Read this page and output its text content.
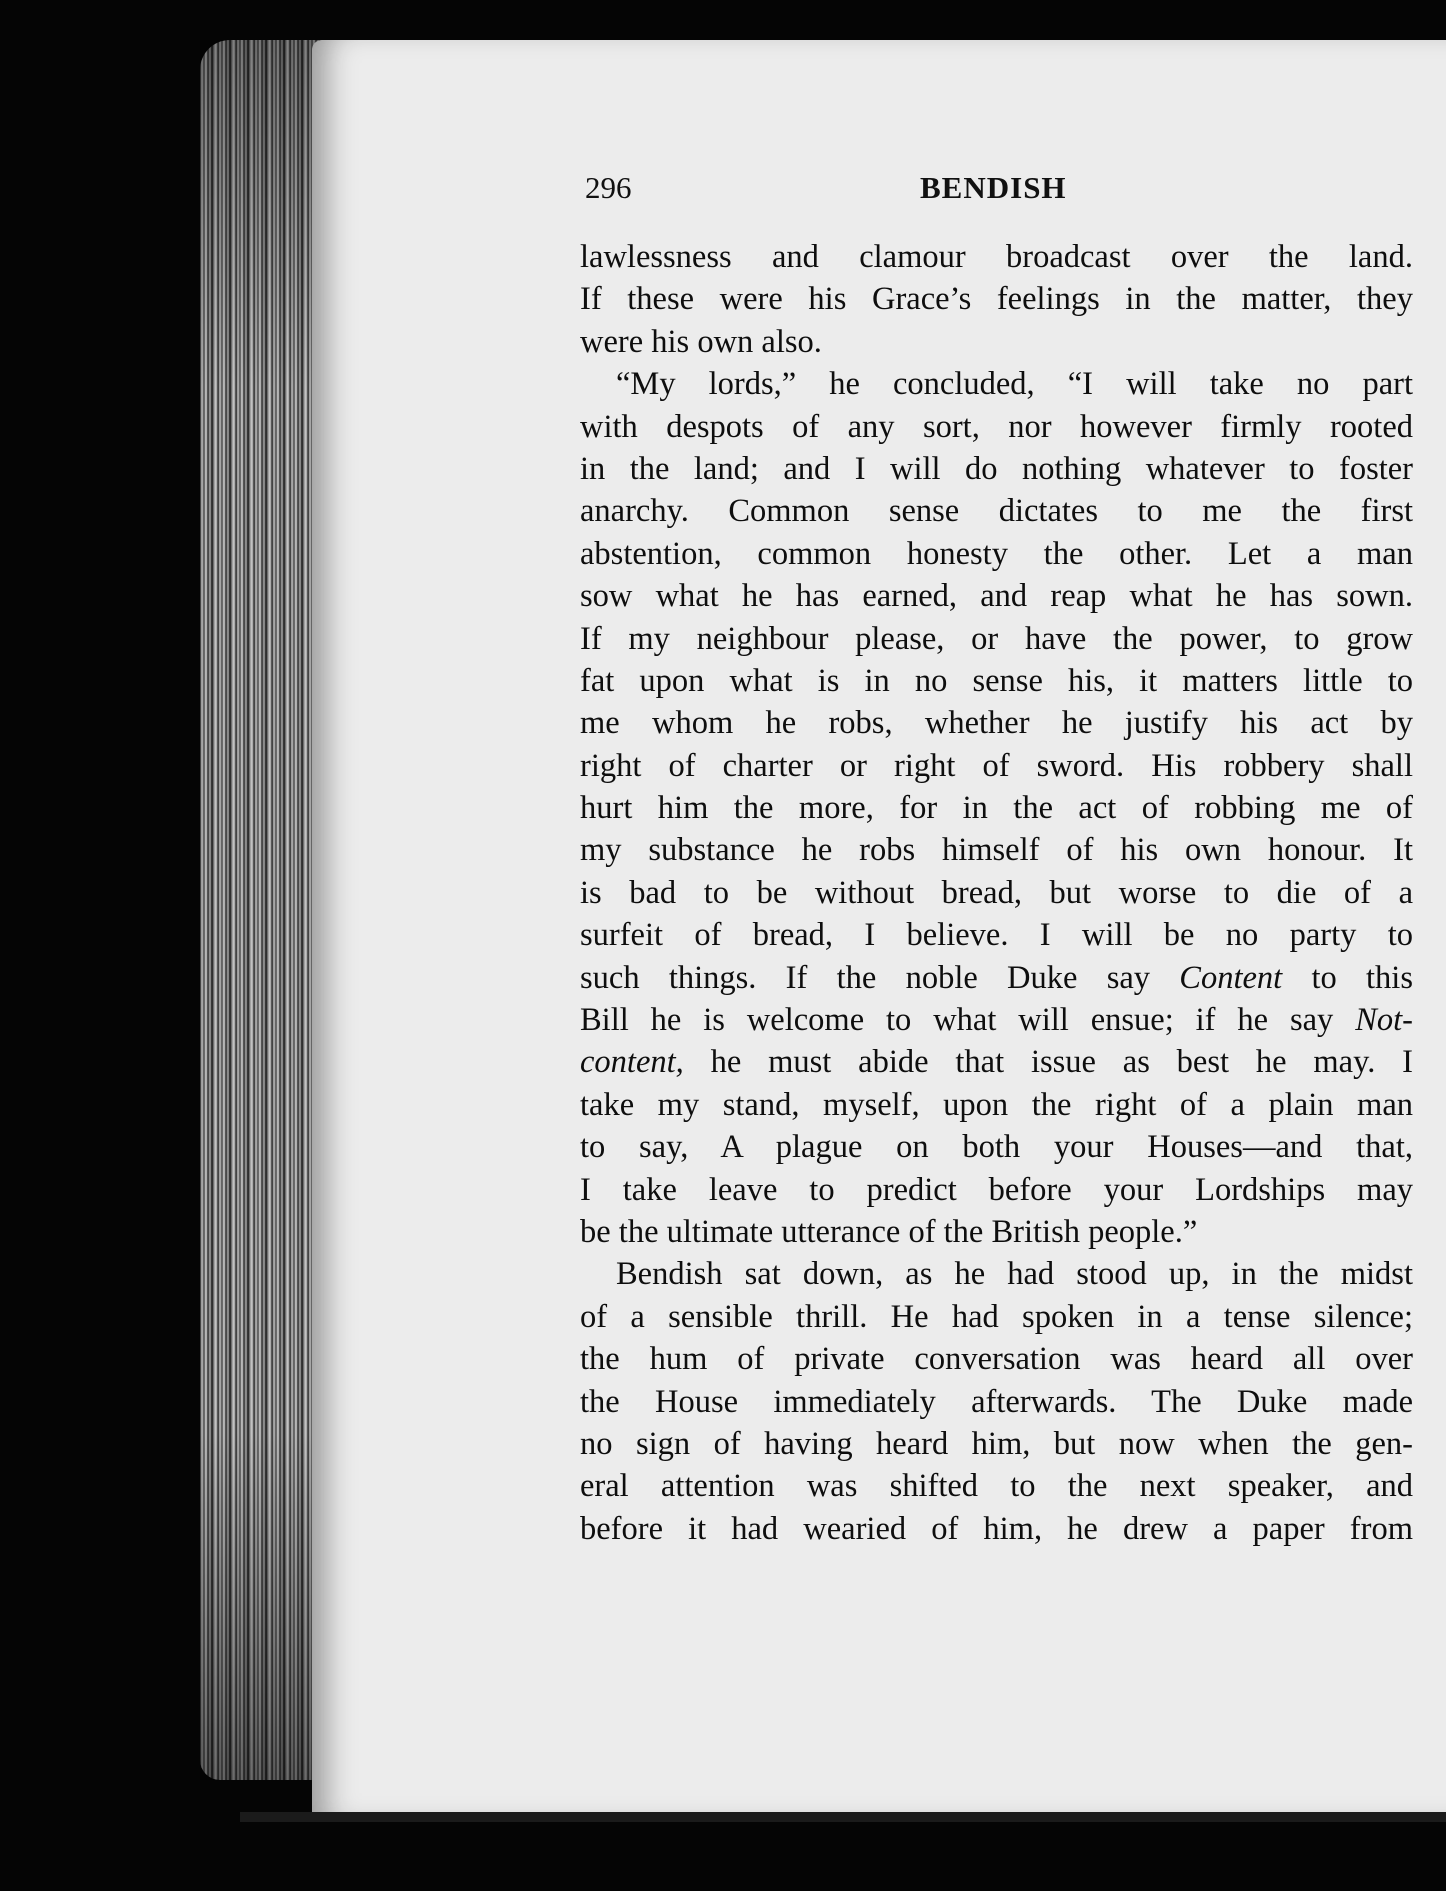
296	BENDISH
lawlessness and clamour broadcast over the land.
If these were his Grace’s feelings in the matter, they
were his own also.
“My lords,” he concluded, “I will take no part
with despots of any sort, nor however firmly rooted
in the land; and I will do nothing whatever to foster
anarchy. Common sense dictates to me the first
abstention, common honesty the other. Let a man
sow what he has earned, and reap what he has sown.
If my neighbour please, or have the power, to grow
fat upon what is in no sense his, it matters little to
me whom he robs, whether he justify his act by
right of charter or right of sword. His robbery shall
hurt him the more, for in the act of robbing me of
my substance he robs himself of his own honour. It
is bad to be without bread, but worse to die of a
surfeit of bread, I believe. I will be no party to
such things. If the noble Duke say Content to this
Bill he is welcome to what will ensue; if he say Not-
content, he must abide that issue as best he may. I
take my stand, myself, upon the right of a plain man
to say, A plague on both your Houses—and that,
I take leave to predict before your Lordships may
be the ultimate utterance of the British people.”
Bendish sat down, as he had stood up, in the midst
of a sensible thrill. He had spoken in a tense silence;
the hum of private conversation was heard all over
the House immediately afterwards. The Duke made
no sign of having heard him, but now when the gen-
eral attention was shifted to the next speaker, and
before it had wearied of him, he drew a paper from
